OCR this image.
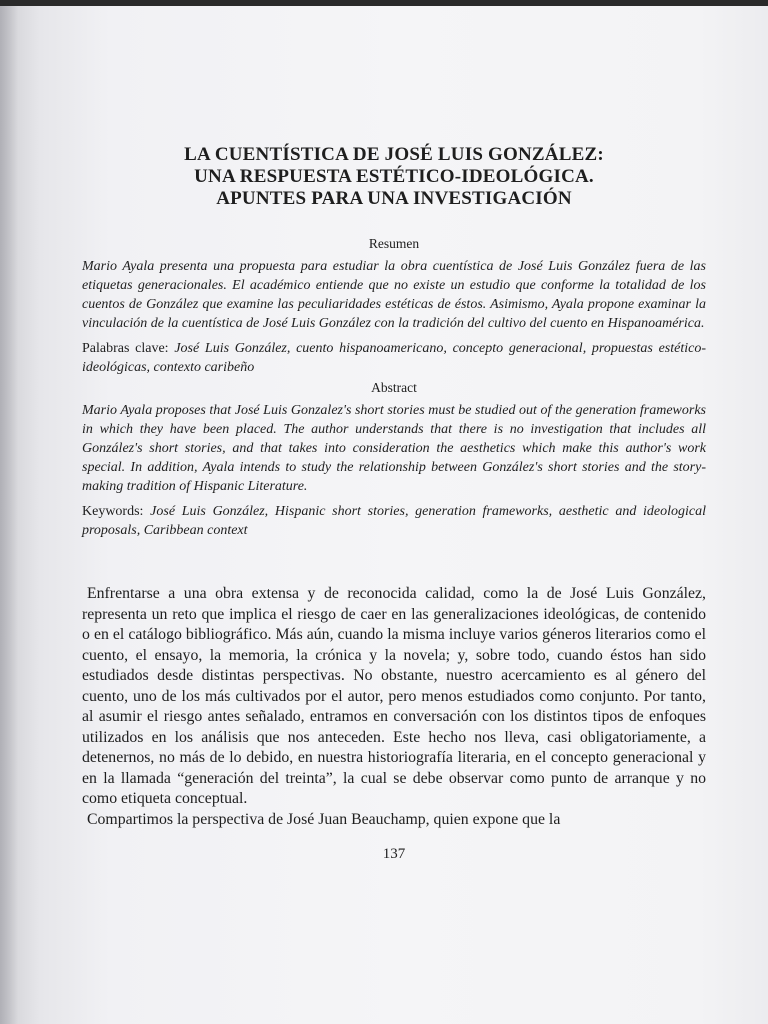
LA CUENTÍSTICA DE JOSÉ LUIS GONZÁLEZ:
UNA RESPUESTA ESTÉTICO-IDEOLÓGICA.
APUNTES PARA UNA INVESTIGACIÓN

Resumen

Mario Ayala presenta una propuesta para estudiar la obra cuentística de José Luis González fuera de las etiquetas generacionales. El académico entiende que no existe un estudio que conforme la totalidad de los cuentos de González que examine las peculiaridades estéticas de éstos. Asimismo, Ayala propone examinar la vinculación de la cuentística de José Luis González con la tradición del cultivo del cuento en Hispanoamérica.

Palabras clave: José Luis González, cuento hispanoamericano, concepto generacional, propuestas estético-ideológicas, contexto caribeño

Abstract

Mario Ayala proposes that José Luis Gonzalez's short stories must be studied out of the generation frameworks in which they have been placed. The author understands that there is no investigation that includes all González's short stories, and that takes into consideration the aesthetics which make this author's work special. In addition, Ayala intends to study the relationship between González's short stories and the story-making tradition of Hispanic Literature.

Keywords: José Luis González, Hispanic short stories, generation frameworks, aesthetic and ideological proposals, Caribbean context

Enfrentarse a una obra extensa y de reconocida calidad, como la de José Luis González, representa un reto que implica el riesgo de caer en las generalizaciones ideológicas, de contenido o en el catálogo bibliográfico. Más aún, cuando la misma incluye varios géneros literarios como el cuento, el ensayo, la memoria, la crónica y la novela; y, sobre todo, cuando éstos han sido estudiados desde distintas perspectivas. No obstante, nuestro acercamiento es al género del cuento, uno de los más cultivados por el autor, pero menos estudiados como conjunto. Por tanto, al asumir el riesgo antes señalado, entramos en conversación con los distintos tipos de enfoques utilizados en los análisis que nos anteceden. Este hecho nos lleva, casi obligatoriamente, a detenernos, no más de lo debido, en nuestra historiografía literaria, en el concepto generacional y en la llamada “generación del treinta”, la cual se debe observar como punto de arranque y no como etiqueta conceptual.

Compartimos la perspectiva de José Juan Beauchamp, quien expone que la

137
